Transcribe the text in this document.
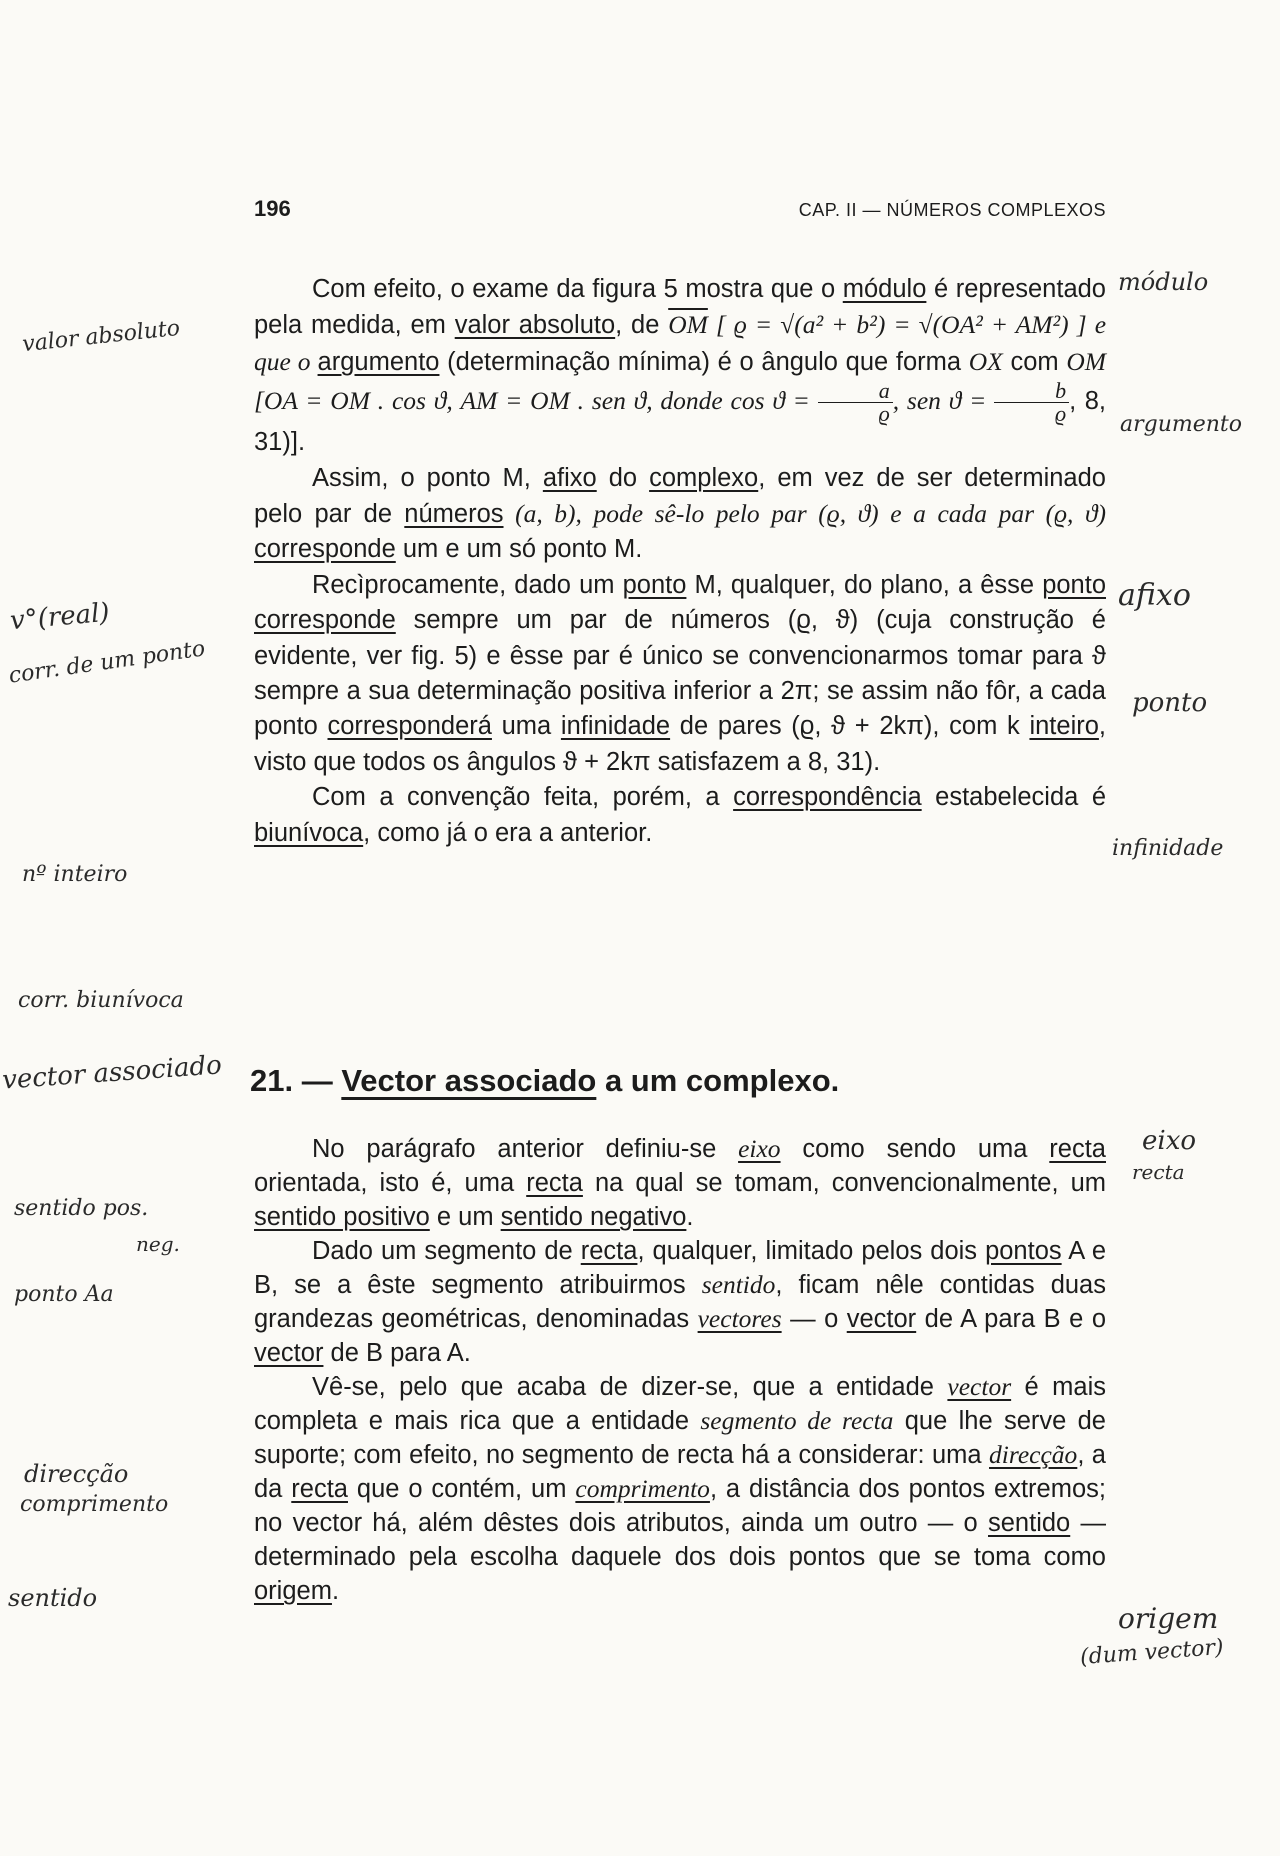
196	CAP. II — NÚMEROS COMPLEXOS

Com efeito, o exame da figura 5 mostra que o módulo é representado pela medida, em valor absoluto, de $\overline{OM}$ [ ϱ = √(a² + b²) = √(OA² + AM²) ] e que o argumento (determinação mínima) é o ângulo que forma OX com OM [OA = OM . cos ϑ, AM = OM . sen ϑ, donde $\cos ϑ = \frac{a}{ϱ}$ , sen $ϑ = \frac{b}{ϱ}$ , 8, 31)].

Assim, o ponto M, afixo do complexo, em vez de ser determinado pelo par de números (a, b), pode sê-lo pelo par (ϱ, ϑ) e a cada par (ϱ, ϑ) corresponde um e um só ponto M.

Recìprocamente, dado um ponto M, qualquer, do plano, a êsse ponto corresponde sempre um par de números (ϱ, ϑ) (cuja construção é evidente, ver fig. 5) e êsse par é único se convencionarmos tomar para ϑ sempre a sua determinação positiva inferior a 2π; se assim não fôr, a cada ponto corresponderá uma infinidade de pares (ϱ, ϑ + 2kπ), com k inteiro, visto que todos os ângulos ϑ + 2kπ satisfazem a 8, 31).

Com a convenção feita, porém, a correspondência estabelecida é biunívoca, como já o era a anterior.

21. — Vector associado a um complexo.

No parágrafo anterior definiu-se eixo como sendo uma recta orientada, isto é, uma recta na qual se tomam, convencionalmente, um sentido positivo e um sentido negativo.

Dado um segmento de recta, qualquer, limitado pelos dois pontos A e B, se a êste segmento atribuirmos sentido, ficam nêle contidas duas grandezas geométricas, denominadas vectores — o vector de A para B e o vector de B para A.

Vê-se, pelo que acaba de dizer-se, que a entidade vector é mais completa e mais rica que a entidade segmento de recta que lhe serve de suporte; com efeito, no segmento de recta há a considerar: uma direcção, a da recta que o contém, um comprimento, a distância dos pontos extremos; no vector há, além dêstes dois atributos, ainda um outro — o sentido — determinado pela escolha daquele dos dois pontos que se toma como origem.

módulo
valor absoluto
argumento
v°(real)
corr. de um ponto
afixo
ponto
nº inteiro
infinidade
corr. biunívoca
vector associado
eixo
recta
sentido pos.
neg.
ponto Aa
direcção
comprimento
sentido
origem
(dum vector)
